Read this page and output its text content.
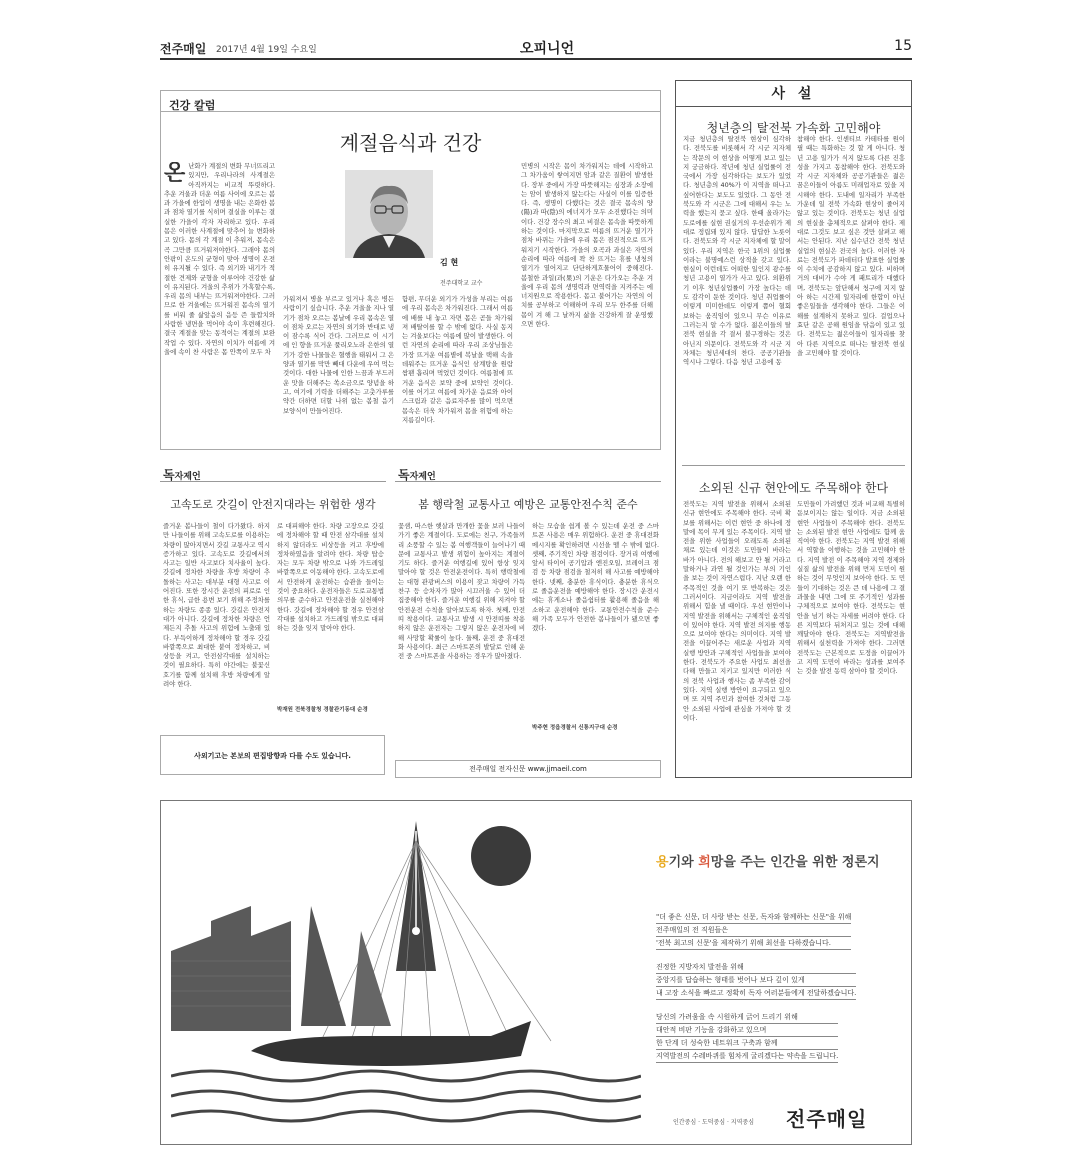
전주매일 2017년 4월 19일 수요일	오피니언	15
건강 칼럼
계절음식과 건강
온난화가 계절의 변화 무너뜨리고 있지만, 우리나라의 사계절은 아직까지는 비교적 뚜렷하다. 추운 겨울과 더운 여름 사이에 오르는 봄과 가을에 한입이 생명을 내는 은화한 봄과 점차 열기를 식히며 결실을 이루는 결실한 가을이 각자 자리하고 있다. 우리 몸은 이러한 사계절에 맞추어 늘 변화하고 있다. 몸의 각 계절 이 추워져, 몸속은 곡 그만큼 뜨거워져야한다. 그래야 몸의 안팎이 온도의 균형이 맞아 생명이 온전히 유지될 수 있다. 즉 외기와 내기가 적절한 견제와 균형을 이루어야 건강한 삶이 유지된다. 겨울의 추위가 가혹할수록, 우리 몸의 내부는 뜨거워져야한다. 그러므로 한 겨울에는 뜨거워진 몸속의 열기를 비워 줄 삶앞음의 음등 즌 들깝치와 사람한 냉면을 먹어야 속이 후련해진다. 결국 계절을 맞는 동적이는 계절의 보완작업 수 있다. 자연의 이치가 여름에 겨울에 속이 찬 사람은 몸 안쪽이 모두 차
김 현
전주대학교 교수
가워져서 병을 부르고 있거나 혹은 병든 사람이기 싶습니다. 추운 겨울을 지나 열기가 점차 오르는 봄날에 우리 몸속은 열이 점차 오르는 자연의 외기와 반대로 냉이 잠수록 식어 간다. 그러므로 이 시기에 인 향을 뜨거운 풀리오노라 은한의 열기가 강한 나물들은 혈행을 태워서 그 은양과 열기를 막만 빼대 다운에 우여 먹는 것이다. 대한 나물에 인한 느끔과 부드러운 맛을 더해주는 쏙소금으로 양념을 하고, 여기에 기력을 더해주는 고춧가루를 약간 더하면 더할 나위 없는 봄철 음기 보양식이 만들어진다.
함편, 무더운 외기가 가성을 부리는 여름에 우리 몸속은 차가워진다. 그래서 여름에 배를 내 놓고 자면 몸은 곧들 차가워져 배탈이를 할 수 밖에 없다. 사실 동지는 겨울보다는 여름에 많이 발생한다. 이런 자연의 순리에 따라 우리 조상님들은 가장 뜨거운 여름볕에 복날을 택해 속을 데워주는 뜨거운 음식인 삼계탕을 원람 쌈팬 흡리며 먹었던 것이다. 여름철에 뜨거운 음식은 보약 중에 보약인 것이다. 이를 어기고 여름에 차가운 음료와 아이스크림과 같은 음료자주를 많이 먹으면 몸속은 더욱 차가워져 몸을 위험에 하는 지름길이다.
민병의 시작은 몸이 차가워지는 데에 시작하고 그 차가움이 쌓여지면 암과 같은 질환이 발생한다. 장부 중에서 가장 따뜻해지는 심장과 소장에는 암이 발생하지 않는다는 사실이 이를 입증한다. 즉, 생명이 다했다는 것은 결국 몸속의 양(陽)과 따(陰)의 에너지가 모두 소진했다는 의미이다. 건강 장수의 최고 비결은 몸속을 따뜻하게 하는 것이다. 마지막으로 여름의 뜨거운 열기가 점차 바뀌는 가을에 우리 몸은 점진적으로 뜨거워지기 시작한다. 가을의 오곡과 과실은 자연의 순리에 따라 여름에 꽉 찬 뜨거는 휴를 냉청의 열기가 열어지고 단단하게흐물어이 중해진다. 봄철한 과일(과(果)의 기운은 다가오는 추운 겨울에 우리 몸의 생명력과 면역력을 지켜주는 에너지원으로 작용한다. 몸고 불어가는 자연의 이치를 공부하고 이해하며 우리 모두 한주를 더해 몸이 겨 해 그 날까지 삶을 건강하게 잘 운영했으면 한다.
사 설
청년층의 탈전북 가속화 고민해야
소외된 신규 현안에도 주목해야 한다
지금 청년층의 탈전북 현상이 심각하다. 전북도를 비롯해서 각 시군 지자체는 작문의 이 현상을 어떻게 보고 있는 지 궁금하다. 작년에 청년 실업률이 전국에서 가장 심각하다는 보도가 있었다. 청년층의 40%가 이 지역을 떠나고 싶어한다는 보도도 있었다. 그 동안 전북도와 각 시군은 그에 대해서 우는 노력을 했는지 묻고 싶다. 한때 올라가는 도로에를 실현 권실거의 우선순위가 제대로 정립돼 있지 않다. 답답한 노릇이다. 전북도와 각 시군 지자체에 할 말이 있다. 우리 지역은 한국 1위의 실업률이라는 불명예스런 상적을 갖고 있다. 현실이 이런데도 어떠한 일인지 광수를 청년 고용이 열가가 사고 있다. 외환위기 이후 청년실업률이 가장 높다는 데도 감각이 둔한 것이다. 청년 취업률이 이렇게 미미한데도 이렇게 쯤어 혈회 보하는 움직임이 있으니 무슨 이유로 그러는지 알 수가 없다. 젊은이들의 탈전북 현실을 각 결서 불구경하는 것은 아닌지 의문이다. 전북도와 각 시군 지자체는 청년세대의 찬다. 공공기관들 역시나 그렇다. 다음 청년 고용에 동
참해야 한다. 인센티브 카테타를 원이 필 때는 특화하는 것 할 게 아니다. 청년 고용 일가가 식지 않도록 다른 진흥성을 가지고 동참해야 한다. 전북도와 각 시군 지자체와 공공기관들은 젊은 꿈은이들이 아름도 미래업자로 있을 지시해야 한다. 도내에 일자리가 부족한 가운데 일 전북 가속화 현상이 줄어지 않고 있는 것이다. 전북도는 청년 실업의 현실을 총체적으로 살펴야 한다. 제대로 그것도 보고 싶은 것만 살펴고 해서는 안된다. 지난 십수년간 전북 청년 실업의 현실은 전국의 높다. 이러한 자료는 전북도가 파데터다 발표한 실업률이 수치에 공감하지 않고 있다. 비하며 거의 대비가 수야 게 패트리가 대했다며, 전북도는 앞단해서 청구에 지지 않아 하는 시간제 일자리에 한합이 아닌 좋은일들을 생각해야 한다. 그들은 이해를 설계하지 못하고 있다. 걸업으나 효단 같은 공해 원임을 닦음이 있고 있다. 전북도는 젊은이들이 일자리를 찾아 다른 지역으로 떠나는 탈전북 현실을 고민해야 할 것이다.
전북도는 지역 발전을 위해서 소외된 신규 현안에도 주목해야 한다. 국비 확보를 위해서는 이런 현안 중 하나에 정말에 목이 무게 있는 주목이다. 지역 발전을 위한 사업들이 오래도록 소외된 채로 있는데 이것은 도민들이 바라는 바가 아니다. 전의 해보고 안 될 거라고 말하거나 과연 될 것인가는 부의 기인을 보는 것이 자연스럽다. 지난 오랜 한 주목적인 것을 여기 또 반복하는 것은 그러서이다. 지금이라도 지역 발전을 위해서 힘을 낼 때이다. 우선 현안이나 지역 발전을 위해서는 구체적인 움직임이 있어야 한다. 지역 발전 의지를 행동으로 보여야 한다는 의미이다. 지역 발전을 이끌어주는 새로운 사업과 지역 실행 방안과 구체적인 사업들을 보여야 한다. 전북도가 주요한 사업도 최선을 다해 만들고 지키고 있지만 이러한 식의 전북 사업과 행사는 좀 부족한 감이 있다. 지역 실행 방안이 요구되고 있으며 또 지역 주민과 참여한 것처럼 그동안 소외된 사업에 관심을 가져야 할 것이다.
도민들이 가려했던 것과 비교해 특별히 돋보이지는 않는 일이다. 지금 소외된 현안 사업들이 주목해야 한다. 전북도는 소외된 발전 현안 사업에도 함께 움직여야 한다. 전북도는 지역 발전 위해서 역할을 이행하는 것을 고민해야 한다. 지역 발전 이 주목해야 지역 경제와 실질 삶의 발전을 위해 먼저 도민이 원하는 것이 무엇인지 보아야 한다. 도 민들이 기대하는 것은 큰 데 나용에 그 결과물을 내면 그에 또 주기적인 성과를 구체적으로 보여야 한다. 전북도는 현안을 넘기 하는 자세를 버려야 한다. 다른 지역보다 뒤처지고 있는 것에 대해 깨달아야 한다. 전북도는 지역발전을 위해서 실천력을 가져야 한다. 그러면 전북도는 근본적으로 도정을 이끌어가고 지역 도민이 바라는 성과를 보여주는 것을 발전 동력 삼아야 할 것이다.
독자제언
고속도로 갓길이 안전지대라는 위험한 생각
즐거운 봄나들이 철이 다가왔다. 하지만 나들이를 위해 고속도로를 이용하는 차량이 많아지면서 갓길 교통사고 역시 증가하고 있다. 고속도로 갓길에서의 사고는 일반 사고보다 치사율이 높다. 갓길에 정차한 차량을 후방 차량이 추돌하는 사고는 대부분 대형 사고로 이어진다. 또한 장시간 운전의 피로로 인한 휴식, 급한 용변 보기 위해 주정차를 하는 차량도 종종 있다. 갓길은 안전지대가 아니다. 갓길에 정차한 차량은 언제든지 추돌 사고의 위험에 노출돼 있다. 부득이하게 정차해야 할 경우 갓길 바깥쪽으로 최대한 붙여 정차하고, 비상등을 켜고, 안전삼각대를 설치하는 것이 필요하다. 특히 야간에는 불꽃신호기를 함께 설치해 후방 차량에게 알려야 한다.
로 대피해야 한다. 차량 고장으로 갓길에 정차해야 할 때 안전 삼각대를 설치하지 않더라도 비상등을 켜고 후방에 정차하였음을 알려야 한다. 차량 탑승자는 모두 차량 밖으로 나와 가드레일 바깥쪽으로 이동해야 한다. 고속도로에서 안전하게 운전하는 습관을 들이는 것이 중요하다. 운전자들은 도로교통법 의무를 준수하고 안전운전을 실천해야 한다. 갓길에 정차해야 할 경우 안전삼각대를 설치하고 가드레일 밖으로 대피하는 것을 잊지 말아야 한다.
박재원 전북경찰청 경찰관기동대 순경
독자제언
봄 행락철 교통사고 예방은 교통안전수칙 준수
꽃샘, 따스한 햇살과 만개한 꽃을 보러 나들이 가기 좋은 계절이다. 도로에는 친구, 가족들끼리 소풍할 수 있는 봄 여행객들이 늘어나기 때문에 교통사고 발생 위험이 높아지는 계절이기도 하다. 즐거운 여행길에 있어 항상 잊지 말아야 할 것은 안전운전이다. 특히 행락철에는 대형 관광버스의 이용이 잦고 차량이 가득 찬구 등 승차자가 많아 시끄러울 수 있어 더 집중해야 한다. 즐거운 여행길 위해 지켜야 할 안전운전 수칙을 알아보도록 하자. 첫째, 안전띠 착용이다. 교통사고 발생 시 안전띠를 착용하지 않은 운전자는 그렇지 않은 운전자에 비해 사망할 확률이 높다. 둘째, 운전 중 휴대전화 사용이다. 최근 스마트폰의 발달로 인해 운전 중 스마트폰을 사용하는 경우가 많아졌다.
하는 모습을 쉽게 볼 수 있는데 운전 중 스마트폰 사용은 매우 위험하다. 운전 중 휴대전화 메시지를 확인하려면 시선을 뗄 수 밖에 없다. 셋째, 주기적인 차량 점검이다. 장거리 여행에 앞서 타이어 공기압과 엔진오일, 브레이크 점검 등 차량 점검을 철저히 해 사고를 예방해야 한다. 넷째, 충분한 휴식이다. 충분한 휴식으로 졸음운전을 예방해야 한다. 장시간 운전시에는 휴게소나 졸음쉼터를 활용해 졸음을 해소하고 운전해야 한다. 교통안전수칙을 준수해 가족 모두가 안전한 봄나들이가 됐으면 좋겠다.
박주현 정읍경찰서 신통지구대 순경
사외기고는 본보의 편집방향과 다를 수도 있습니다.
전주매일 전자신문 www.jjmaeil.com
용기와 희망을 주는 인간을 위한 정론지
"더 좋은 신문, 더 사랑 받는 신문, 독자와 함께하는 신문"을 위해
전주매일의 전 직원들은
'전북 최고의 신문'을 제작하기 위해 최선을 다하겠습니다.
진정한 지방자치 발전을 위해
중앙지를 답습하는 형태를 벗어나 보다 깊이 있게
내 고장 소식을 빠르고 정확히 독자 여러분들에게 전달하겠습니다.
당신의 가려움을 속 시원하게 긁어 드리기 위해
대안적 비판 기능을 강화하고 있으며
한 단계 더 성숙한 네트워크 구축과 함께
지역발전의 수레바퀴를 힘차게 굴리겠다는 약속을 드립니다.
인간중심 · 도덕중심 · 지역중심 전주매일
